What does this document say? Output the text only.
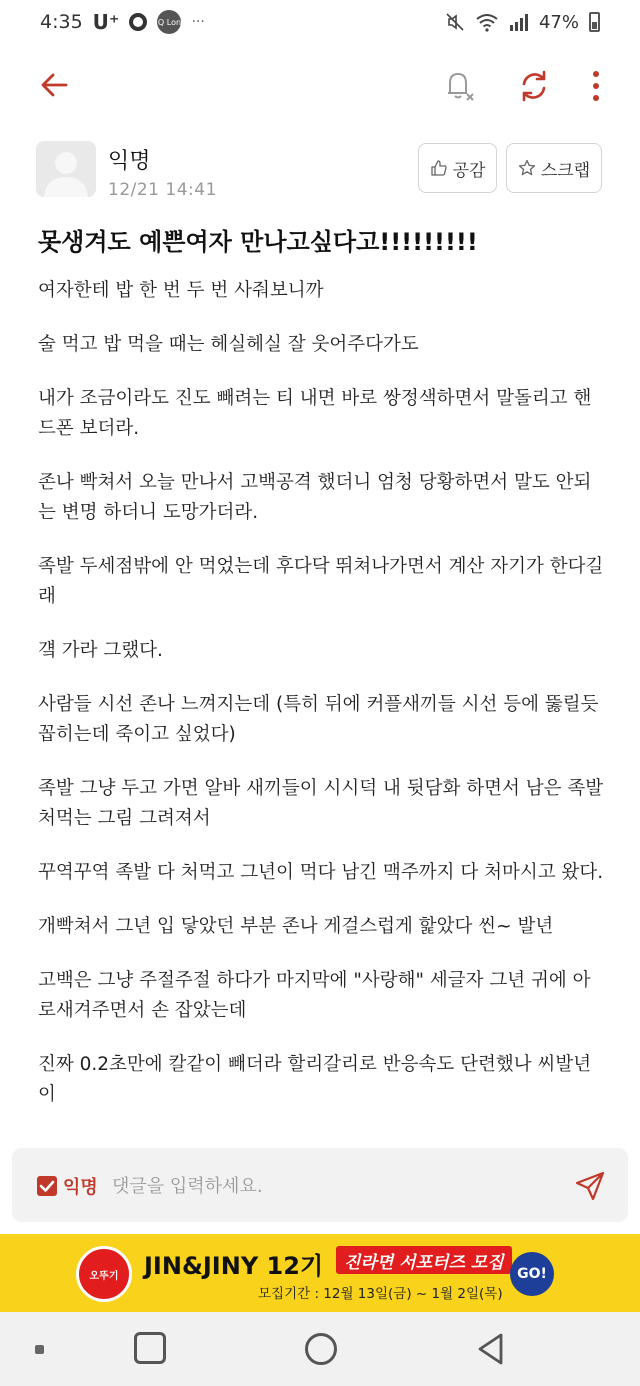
4:35 U⁺	Q Lon ···	47%
익명
12/21 14:41
공감	스크랩
못생겨도 예쁜여자 만나고싶다고!!!!!!!!!

여자한테 밥 한 번 두 번 사줘보니까

술 먹고 밥 먹을 때는 헤실헤실 잘 웃어주다가도

내가 조금이라도 진도 빼려는 티 내면 바로 쌍정색하면서 말돌리고 핸드폰 보더라.

존나 빡쳐서 오늘 만나서 고백공격 했더니 엄청 당황하면서 말도 안되는 변명 하더니 도망가더라.

족발 두세점밖에 안 먹었는데 후다닥 뛰쳐나가면서 계산 자기가 한다길래

걬 가라 그랬다.

사람들 시선 존나 느껴지는데 (특히 뒤에 커플새끼들 시선 등에 뚫릴듯 꼽히는데 죽이고 싶었다)

족발 그냥 두고 가면 알바 새끼들이 시시덕 내 뒷담화 하면서 남은 족발 처먹는 그림 그려져서

꾸역꾸역 족발 다 처먹고 그년이 먹다 남긴 맥주까지 다 처마시고 왔다.

개빡쳐서 그년 입 닿았던 부분 존나 게걸스럽게 핥았다 씬~ 발년

고백은 그냥 주절주절 하다가 마지막에 "사랑해" 세글자 그년 귀에 아로새겨주면서 손 잡았는데

진짜 0.2초만에 칼같이 빼더라 할리갈리로 반응속도 단련했나 씨발년이

익명
댓글을 입력하세요.
오뚜기	JIN&JINY 12기	진라면 서포터즈 모집
모집기간 : 12월 13일(금) ~ 1월 2일(목)
GO!
